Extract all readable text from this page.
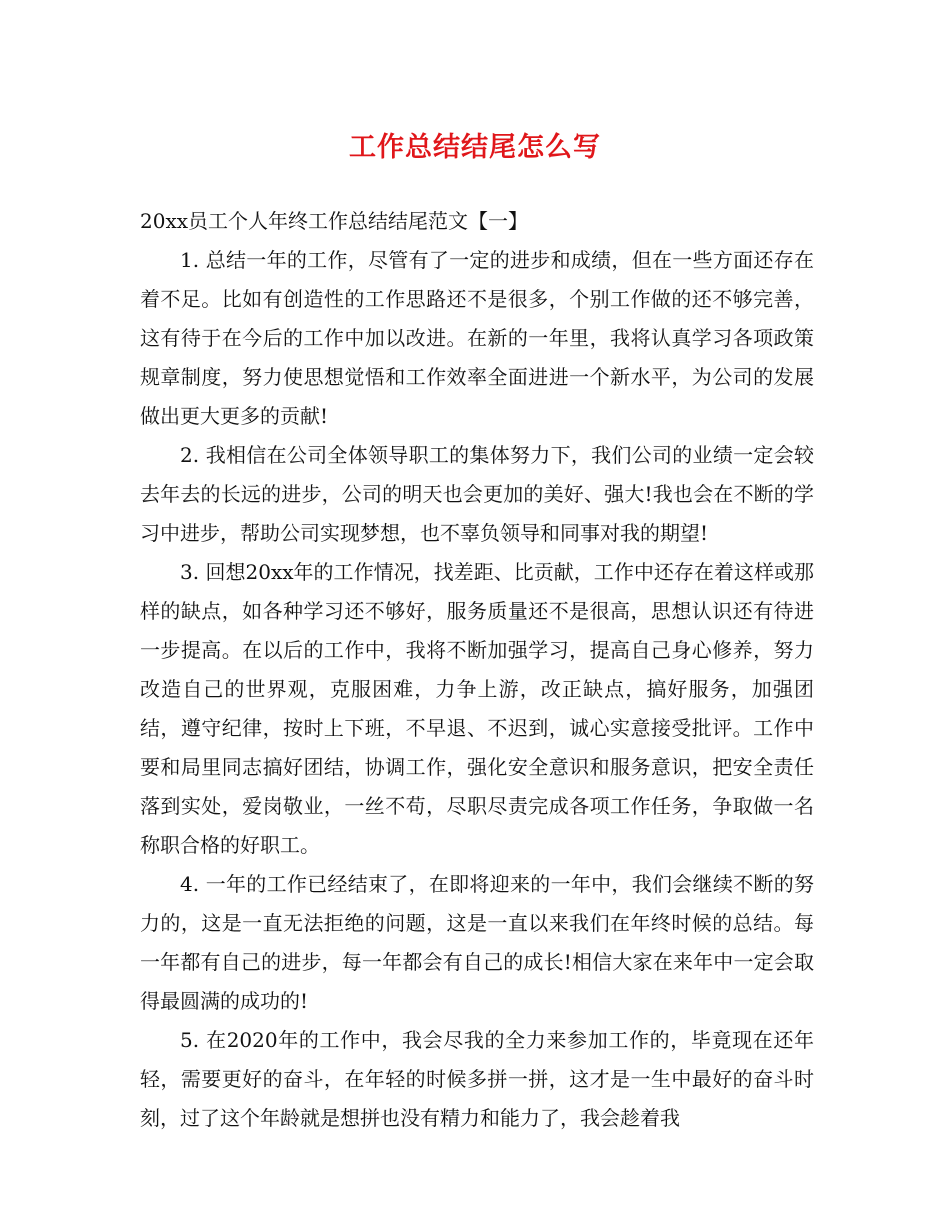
工作总结结尾怎么写

20xx员工个人年终工作总结结尾范文【一】

1. 总结一年的工作，尽管有了一定的进步和成绩，但在一些方面还存在着不足。比如有创造性的工作思路还不是很多，个别工作做的还不够完善，这有待于在今后的工作中加以改进。在新的一年里，我将认真学习各项政策规章制度，努力使思想觉悟和工作效率全面进进一个新水平，为公司的发展做出更大更多的贡献!

2. 我相信在公司全体领导职工的集体努力下，我们公司的业绩一定会较去年去的长远的进步，公司的明天也会更加的美好、强大!我也会在不断的学习中进步，帮助公司实现梦想，也不辜负领导和同事对我的期望!

3. 回想20xx年的工作情况，找差距、比贡献，工作中还存在着这样或那样的缺点，如各种学习还不够好，服务质量还不是很高，思想认识还有待进一步提高。在以后的工作中，我将不断加强学习，提高自己身心修养，努力改造自己的世界观，克服困难，力争上游，改正缺点，搞好服务，加强团结，遵守纪律，按时上下班，不早退、不迟到，诚心实意接受批评。工作中要和局里同志搞好团结，协调工作，强化安全意识和服务意识，把安全责任落到实处，爱岗敬业，一丝不苟，尽职尽责完成各项工作任务，争取做一名称职合格的好职工。

4. 一年的工作已经结束了，在即将迎来的一年中，我们会继续不断的努力的，这是一直无法拒绝的问题，这是一直以来我们在年终时候的总结。每一年都有自己的进步，每一年都会有自己的成长!相信大家在来年中一定会取得最圆满的成功的!

5. 在2020年的工作中，我会尽我的全力来参加工作的，毕竟现在还年轻，需要更好的奋斗，在年轻的时候多拼一拼，这才是一生中最好的奋斗时刻，过了这个年龄就是想拼也没有精力和能力了，我会趁着我
